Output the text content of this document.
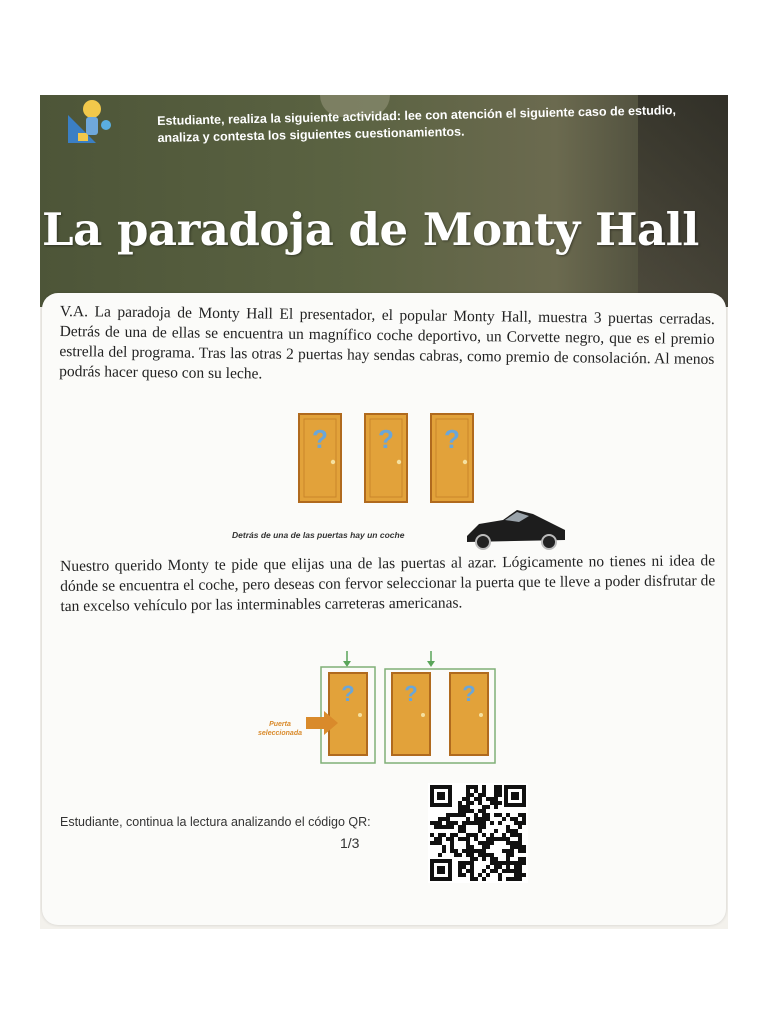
Estudiante, realiza la siguiente actividad: lee con atención el siguiente caso de estudio, analiza y contesta los siguientes cuestionamientos.
La paradoja de Monty Hall
V.A. La paradoja de Monty Hall El presentador, el popular Monty Hall, muestra 3 puertas cerradas. Detrás de una de ellas se encuentra un magnífico coche deportivo, un Corvette negro, que es el premio estrella del programa. Tras las otras 2 puertas hay sendas cabras, como premio de consolación. Al menos podrás hacer queso con su leche.
? ? ?
Detrás de una de las puertas hay un coche
Nuestro querido Monty te pide que elijas una de las puertas al azar. Lógicamente no tienes ni idea de dónde se encuentra el coche, pero deseas con fervor seleccionar la puerta que te lleve a poder disfrutar de tan excelso vehículo por las interminables carreteras americanas.
? ? ?
1/3
Puerta seleccionada
Estudiante, continua la lectura analizando el código QR:
